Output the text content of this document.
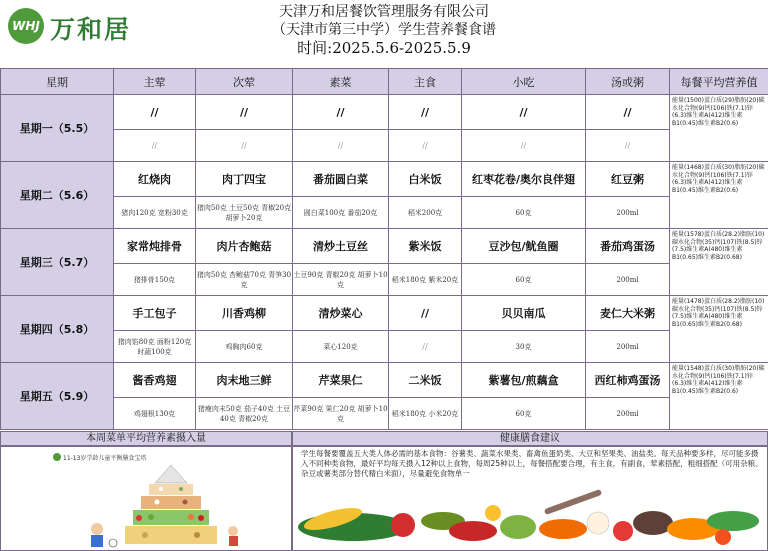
WHJ 万和居
天津万和居餐饮管理服务有限公司
（天津市第三中学）学生营养餐食谱
时间:2025.5.6-2025.5.9
星期	主荤	次荤	素菜	主食	小吃	汤或粥	每餐平均营养值
星期一（5.5）	//	//	//	//	//	//	能量(1500)蛋白质(29)脂肪(20)碳水化合物(9)钙(106)铁(7.1)锌(6.3)维生素A(412)维生素B1(0.45)维生素B2(0.6)
	//	//	//	//	//	//	
星期二（5.6）	红烧肉	肉丁四宝	番茄圆白菜	白米饭	红枣花卷/奥尔良伴翅	红豆粥	能量(1468)蛋白质(30)脂肪(20)碳水化合物(9)钙(106)铁(7.1)锌(6.3)维生素A(412)维生素B1(0.45)维生素B2(0.6)
	猪肉120克 宽粉30克	猪肉50克 土豆50克 青椒20克 胡萝卜20克	圆白菜100克 番茄20克	稻米200克	60克	200ml	
星期三（5.7）	家常炖排骨	肉片杏鲍菇	清炒土豆丝	紫米饭	豆沙包/鱿鱼圈	番茄鸡蛋汤	能量(1578)蛋白质(28.2)脂肪(10)碳水化合物(35)钙(107)铁(8.5)锌(7.5)维生素A(480)维生素B1(0.65)维生素B2(0.68)
	猪排骨150克	猪肉50克 杏鲍菇70克 青笋30克	土豆90克 青椒20克 胡萝卜10克	稻米180克 紫米20克	60克	200ml	
星期四（5.8）	手工包子	川香鸡柳	清炒菜心	//	贝贝南瓜	麦仁大米粥	能量(1478)蛋白质(28.2)脂肪(10)碳水化合物(35)钙(107)铁(8.5)锌(7.5)维生素A(480)维生素B1(0.65)维生素B2(0.68)
	猪肉馅80克 面粉120克 时蔬100克	鸡胸肉60克	菜心120克	//	30克	200ml	
星期五（5.9）	酱香鸡翅	肉末地三鲜	芹菜果仁	二米饭	紫薯包/煎藕盒	西红柿鸡蛋汤	能量(1548)蛋白质(30)脂肪(20)碳水化合物(9)钙(106)铁(7.1)锌(6.3)维生素A(412)维生素B1(0.45)维生素B2(0.6)
	鸡翅根130克	猪瘦肉末50克 茄子40克 土豆40克 青椒20克	芹菜90克 果仁20克 胡萝卜10克	稻米180克 小米20克	60克	200ml	
本周菜单平均营养素摄入量	健康膳食建议
11-13岁学龄儿童平衡膳食宝塔
学生每餐要覆盖五大类人体必需的基本食物：谷薯类、蔬菜水果类、畜禽鱼蛋奶类、大豆和坚果类、油盐类。每天品种要多样，尽可能多摄入不同种类食物，最好平均每天摄入12种以上食物，每周25种以上，每餐搭配要合理，有主食，有副食，荤素搭配，粗细搭配（可用杂粮、杂豆或薯类部分替代精白米面），尽量避免食物单一
